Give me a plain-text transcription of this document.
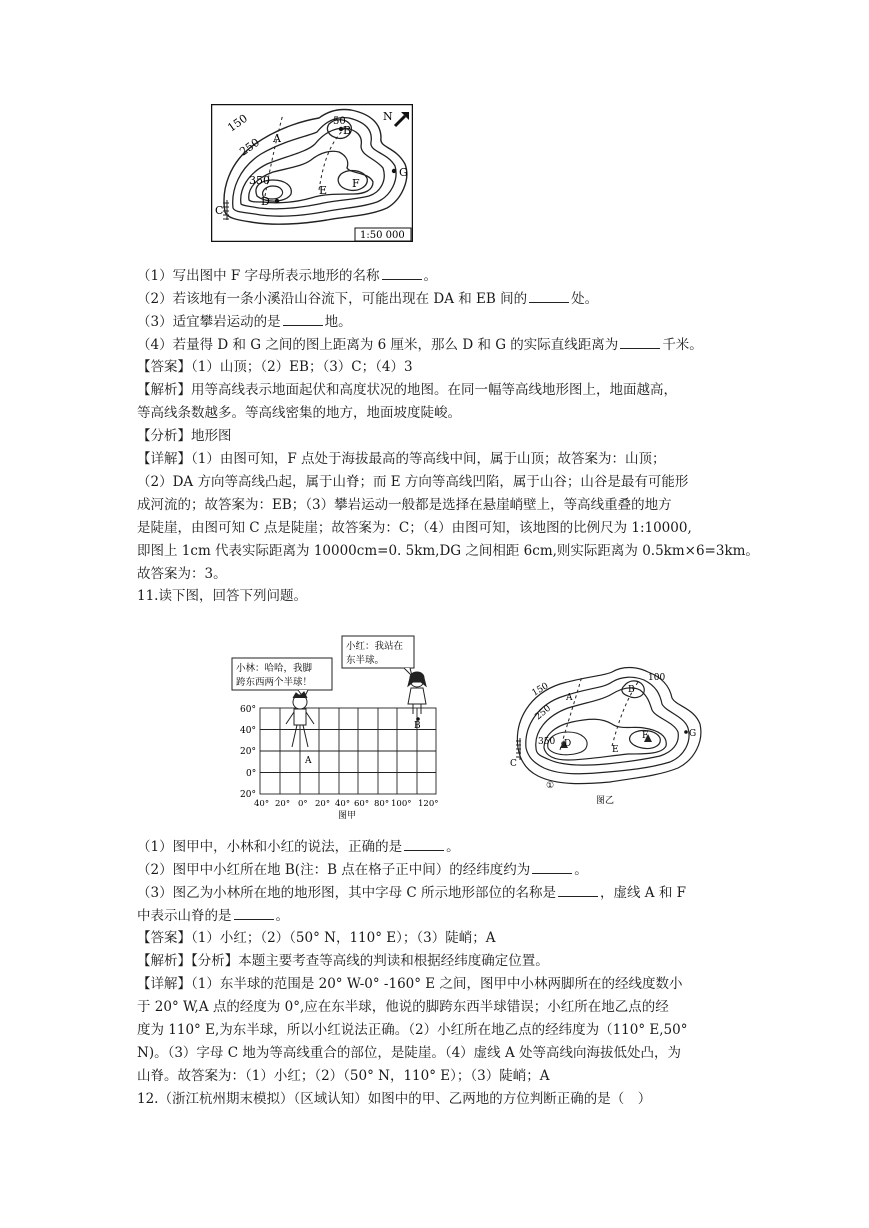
150
250
350
50
A
B
C
D
E
F
G
N
1:50 000
（1）写出图中 F 字母所表示地形的名称	。
（2）若该地有一条小溪沿山谷流下，可能出现在 DA 和 EB 间的	处。
（3）适宜攀岩运动的是	地。
（4）若量得 D 和 G 之间的图上距离为 6 厘米，那么 D 和 G 的实际直线距离为	千米。
【答案】（1）山顶；（2）EB；（3）C；（4）3
【解析】用等高线表示地面起伏和高度状况的地图。在同一幅等高线地形图上，地面越高，
等高线条数越多。等高线密集的地方，地面坡度陡峻。
【分析】地形图
【详解】（1）由图可知，F 点处于海拔最高的等高线中间，属于山顶；故答案为：山顶；
（2）DA 方向等高线凸起，属于山脊；而 E 方向等高线凹陷，属于山谷；山谷是最有可能形
成河流的；故答案为：EB；（3）攀岩运动一般都是选择在悬崖峭壁上，等高线重叠的地方
是陡崖，由图可知 C 点是陡崖；故答案为：C；（4）由图可知，该地图的比例尺为 1:10000,
即图上 1cm 代表实际距离为 10000cm=0. 5km,DG 之间相距 6cm,则实际距离为 0.5km×6=3km。
故答案为：3。
11.读下图，回答下列问题。
小林：哈哈，我脚
跨东西两个半球！
小红：我站在
东半球。
60°
40°
20°
0°
20°
40° 20° 0° 20° 40° 60° 80° 100° 120°
A
B
图甲
150
250
350
100
A
B
C
D
E
F	G
①
图乙
（1）图甲中，小林和小红的说法，正确的是	。
（2）图甲中小红所在地 B(注：B 点在格子正中间）的经纬度约为	。
（3）图乙为小林所在地的地形图，其中字母 C 所示地形部位的名称是	，虚线 A 和 F
中表示山脊的是	。
【答案】（1）小红；（2）（50° N，110° E）；（3）陡峭；A
【解析】【分析】本题主要考查等高线的判读和根据经纬度确定位置。
【详解】（1）东半球的范围是 20° W-0° -160° E 之间，图甲中小林两脚所在的经线度数小
于 20° W,A 点的经度为 0°,应在东半球，他说的脚跨东西半球错误；小红所在地乙点的经
度为 110° E,为东半球，所以小红说法正确。（2）小红所在地乙点的经纬度为（110° E,50°
N)。（3）字母 C 地为等高线重合的部位，是陡崖。（4）虚线 A 处等高线向海拔低处凸，为
山脊。故答案为：（1）小红；（2）（50° N，110° E）；（3）陡峭；A
12.（浙江杭州期末模拟）（区域认知）如图中的甲、乙两地的方位判断正确的是（　）
